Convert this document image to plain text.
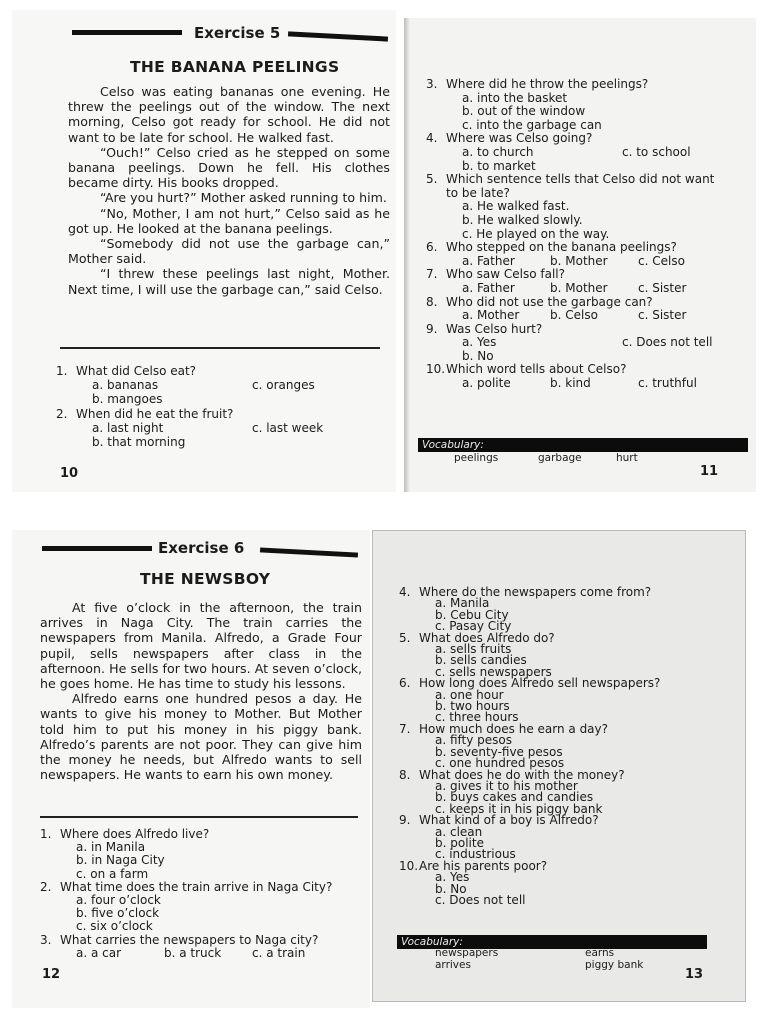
Exercise 5
THE BANANA PEELINGS

Celso was eating bananas one evening. He threw the peelings out of the window. The next morning, Celso got ready for school. He did not want to be late for school. He walked fast.

“Ouch!” Celso cried as he stepped on some banana peelings. Down he fell. His clothes became dirty. His books dropped.

“Are you hurt?” Mother asked running to him.

“No, Mother, I am not hurt,” Celso said as he got up. He looked at the banana peelings.

“Somebody did not use the garbage can,” Mother said.

“I threw these peelings last night, Mother. Next time, I will use the garbage can,” said Celso.

1. What did Celso eat?
a. bananas	c. oranges
b. mangoes
2. When did he eat the fruit?
a. last night	c. last week
b. that morning
10
3. Where did he throw the peelings?
a. into the basket
b. out of the window
c. into the garbage can
4. Where was Celso going?
a. to church	c. to school
b. to market
5. Which sentence tells that Celso did not want
to be late?
a. He walked fast.
b. He walked slowly.
c. He played on the way.
6. Who stepped on the banana peelings?
a. Father	b. Mother	c. Celso
7. Who saw Celso fall?
a. Father	b. Mother	c. Sister
8. Who did not use the garbage can?
a. Mother	b. Celso	c. Sister
9. Was Celso hurt?
a. Yes	c. Does not tell
b. No
10.Which word tells about Celso?
a. polite	b. kind	c. truthful
Vocabulary:
peelings	garbage	hurt
11
Exercise 6
THE NEWSBOY

At five o’clock in the afternoon, the train arrives in Naga City. The train carries the newspapers from Manila. Alfredo, a Grade Four pupil, sells newspapers after class in the afternoon. He sells for two hours. At seven o’clock, he goes home. He has time to study his lessons.

Alfredo earns one hundred pesos a day. He wants to give his money to Mother. But Mother told him to put his money in his piggy bank. Alfredo’s parents are not poor. They can give him the money he needs, but Alfredo wants to sell newspapers. He wants to earn his own money.

1. Where does Alfredo live?
a. in Manila
b. in Naga City
c. on a farm
2. What time does the train arrive in Naga City?
a. four o’clock
b. five o’clock
c. six o’clock
3. What carries the newspapers to Naga city?
a. a car	b. a truck	c. a train
12
4. Where do the newspapers come from?
a. Manila
b. Cebu City
c. Pasay City
5. What does Alfredo do?
a. sells fruits
b. sells candies
c. sells newspapers
6. How long does Alfredo sell newspapers?
a. one hour
b. two hours
c. three hours
7. How much does he earn a day?
a. fifty pesos
b. seventy-five pesos
c. one hundred pesos
8. What does he do with the money?
a. gives it to his mother
b. buys cakes and candies
c. keeps it in his piggy bank
9. What kind of a boy is Alfredo?
a. clean
b. polite
c. industrious
10.Are his parents poor?
a. Yes
b. No
c. Does not tell
Vocabulary:
newspapers	earns
arrives	piggy bank
13
